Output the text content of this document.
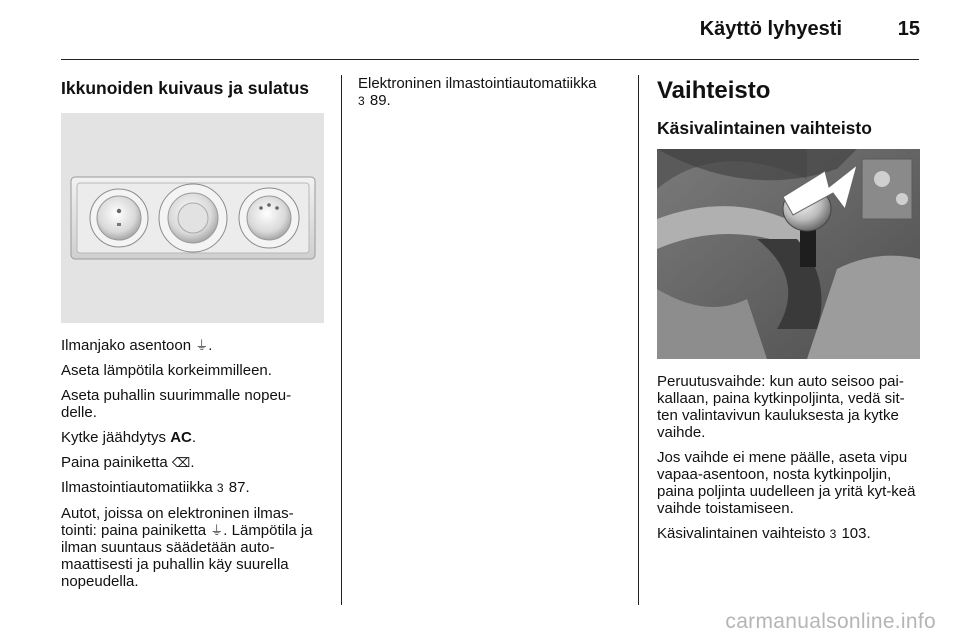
Käyttö lyhyesti	15
Ikkunoiden kuivaus ja sulatus

Ilmanjako asentoon ⏚.

Aseta lämpötila korkeimmilleen.

Aseta puhallin suurimmalle nopeu-delle.

Kytke jäähdytys AC.

Paina painiketta ⌫.

Ilmastointiautomatiikka 3 87.

Autot, joissa on elektroninen ilmas-tointi: paina painiketta ⏚. Lämpötila ja ilman suuntaus säädetään auto-maattisesti ja puhallin käy suurella nopeudella.

Elektroninen ilmastointiautomatiikka
3 89.	Vaihteisto
Käsivalintainen vaihteisto

Peruutusvaihde: kun auto seisoo pai-kallaan, paina kytkinpoljinta, vedä sit-ten valintavivun kauluksesta ja kytke vaihde.

Jos vaihde ei mene päälle, aseta vipu vapaa-asentoon, nosta kytkinpoljin, paina poljinta uudelleen ja yritä kyt-keä vaihde toistamiseen.

Käsivalintainen vaihteisto 3 103.

carmanualsonline.info
